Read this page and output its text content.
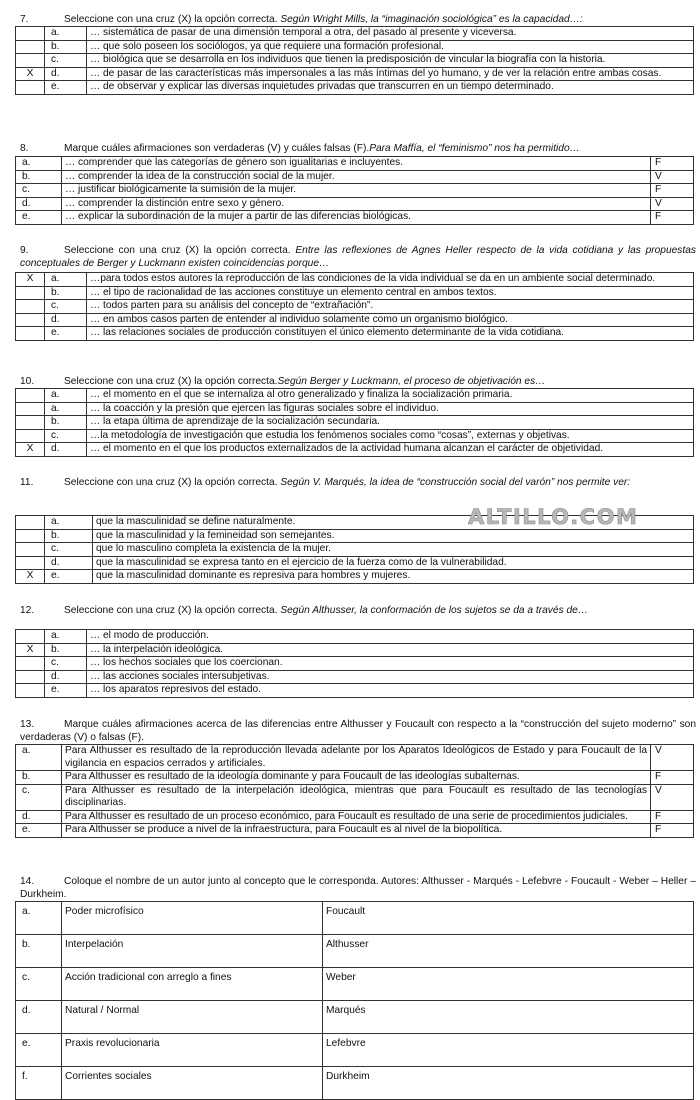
7.	Seleccione con una cruz (X) la opción correcta. Según Wright Mills, la “imaginación sociológica” es la capacidad…:
	a.	… sistemática de pasar de una dimensión temporal a otra, del pasado al presente y viceversa.
	b.	… que solo poseen los sociólogos, ya que requiere una formación profesional.
	c.	… biológica que se desarrolla en los individuos que tienen la predisposición de vincular la biografía con la historia.
X	d.	… de pasar de las características más impersonales a las más íntimas del yo humano, y de ver la relación entre ambas cosas.
	e.	… de observar y explicar las diversas inquietudes privadas que transcurren en un tiempo determinado.
8.	Marque cuáles afirmaciones son verdaderas (V) y cuáles falsas (F).Para Maffía, el “feminismo” nos ha permitido…
a.	… comprender que las categorías de género son igualitarias e incluyentes.	F
b.	… comprender la idea de la construcción social de la mujer.	V
c.	… justificar biológicamente la sumisión de la mujer.	F
d.	… comprender la distinción entre sexo y género.	V
e.	… explicar la subordinación de la mujer a partir de las diferencias biológicas.	F
9.	Seleccione con una cruz (X) la opción correcta. Entre las reflexiones de Agnes Heller respecto de la vida cotidiana y las propuestas conceptuales de Berger y Luckmann existen coincidencias porque…
X	a.	…para todos estos autores la reproducción de las condiciones de la vida individual se da en un ambiente social determinado.
	b.	… el tipo de racionalidad de las acciones constituye un elemento central en ambos textos.
	c.	… todos parten para su análisis del concepto de “extrañación”.
	d.	… en ambos casos parten de entender al individuo solamente como un organismo biológico.
	e.	… las relaciones sociales de producción constituyen el único elemento determinante de la vida cotidiana.
10.	Seleccione con una cruz (X) la opción correcta.Según Berger y Luckmann, el proceso de objetivación es…
	a.	… el momento en el que se internaliza al otro generalizado y finaliza la socialización primaria.
	a.	… la coacción y la presión que ejercen las figuras sociales sobre el individuo.
	b.	… la etapa última de aprendizaje de la socialización secundaria.
	c.	…la metodología de investigación que estudia los fenómenos sociales como “cosas”, externas y objetivas.
X	d.	… el momento en el que los productos externalizados de la actividad humana alcanzan el carácter de objetividad.
11.	Seleccione con una cruz (X) la opción correcta. Según V. Marqués, la idea de “construcción social del varón” nos permite ver:
	a.	que la masculinidad se define naturalmente.
	b.	que la masculinidad y la femineidad son semejantes.
	c.	que lo masculino completa la existencia de la mujer.
	d.	que la masculinidad se expresa tanto en el ejercicio de la fuerza como de la vulnerabilidad.
X	e.	que la masculinidad dominante es represiva para hombres y mujeres.
ALTILLO.COM
12.	Seleccione con una cruz (X) la opción correcta. Según Althusser, la conformación de los sujetos se da a través de…
	a.	… el modo de producción.
X	b.	… la interpelación ideológica.
	c.	… los hechos sociales que los coercionan.
	d.	… las acciones sociales intersubjetivas.
	e.	… los aparatos represivos del estado.
13.	Marque cuáles afirmaciones acerca de las diferencias entre Althusser y Foucault con respecto a la “construcción del sujeto moderno” son verdaderas (V) o falsas (F).
a.	Para Althusser es resultado de la reproducción llevada adelante por los Aparatos Ideológicos de Estado y para Foucault de la vigilancia en espacios cerrados y artificiales.	V
b.	Para Althusser es resultado de la ideología dominante y para Foucault de las ideologías subalternas.	F
c.	Para Althusser es resultado de la interpelación ideológica, mientras que para Foucault es resultado de las tecnologías disciplinarias.	V
d.	Para Althusser es resultado de un proceso económico, para Foucault es resultado de una serie de procedimientos judiciales.	F
e.	Para Althusser se produce a nivel de la infraestructura, para Foucault es al nivel de la biopolítica.	F
14.	Coloque el nombre de un autor junto al concepto que le corresponda. Autores: Althusser - Marqués - Lefebvre - Foucault - Weber – Heller – Durkheim.
a.	Poder microfísico	Foucault
b.	Interpelación	Althusser
c.	Acción tradicional con arreglo a fines	Weber
d.	Natural / Normal	Marqués
e.	Praxis revolucionaria	Lefebvre
f.	Corrientes sociales	Durkheim
